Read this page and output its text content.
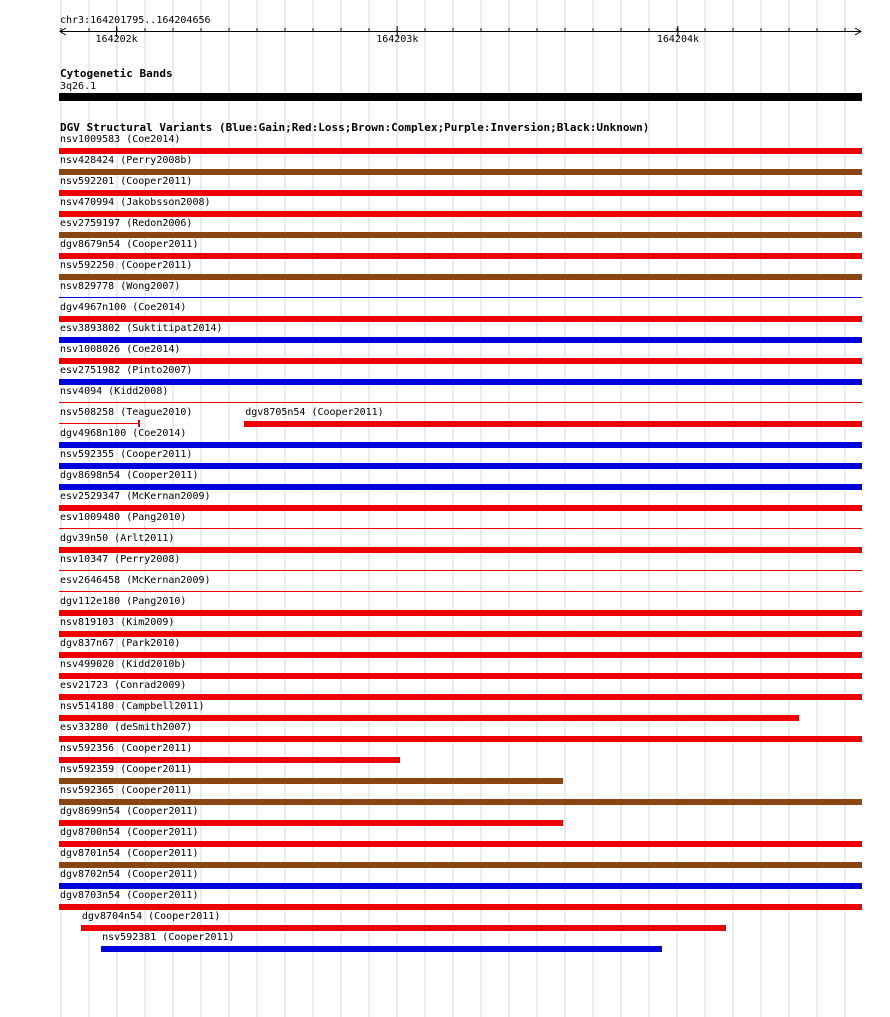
chr3:164201795..164204656
164202k	164203k	164204k
Cytogenetic Bands
3q26.1
DGV Structural Variants (Blue:Gain;Red:Loss;Brown:Complex;Purple:Inversion;Black:Unknown)
nsv1009583 (Coe2014)
nsv428424 (Perry2008b)
nsv592201 (Cooper2011)
nsv470994 (Jakobsson2008)
esv2759197 (Redon2006)
dgv8679n54 (Cooper2011)
nsv592250 (Cooper2011)
nsv829778 (Wong2007)
dgv4967n100 (Coe2014)
esv3893802 (Suktitipat2014)
nsv1008026 (Coe2014)
esv2751982 (Pinto2007)
nsv4094 (Kidd2008)
nsv508258 (Teague2010)	dgv8705n54 (Cooper2011)
dgv4968n100 (Coe2014)
nsv592355 (Cooper2011)
dgv8698n54 (Cooper2011)
esv2529347 (McKernan2009)
esv1009480 (Pang2010)
dgv39n50 (Arlt2011)
nsv10347 (Perry2008)
esv2646458 (McKernan2009)
dgv112e180 (Pang2010)
nsv819103 (Kim2009)
dgv837n67 (Park2010)
nsv499020 (Kidd2010b)
esv21723 (Conrad2009)
nsv514180 (Campbell2011)
esv33280 (deSmith2007)
nsv592356 (Cooper2011)
nsv592359 (Cooper2011)
nsv592365 (Cooper2011)
dgv8699n54 (Cooper2011)
dgv8700n54 (Cooper2011)
dgv8701n54 (Cooper2011)
dgv8702n54 (Cooper2011)
dgv8703n54 (Cooper2011)
dgv8704n54 (Cooper2011)
nsv592381 (Cooper2011)
